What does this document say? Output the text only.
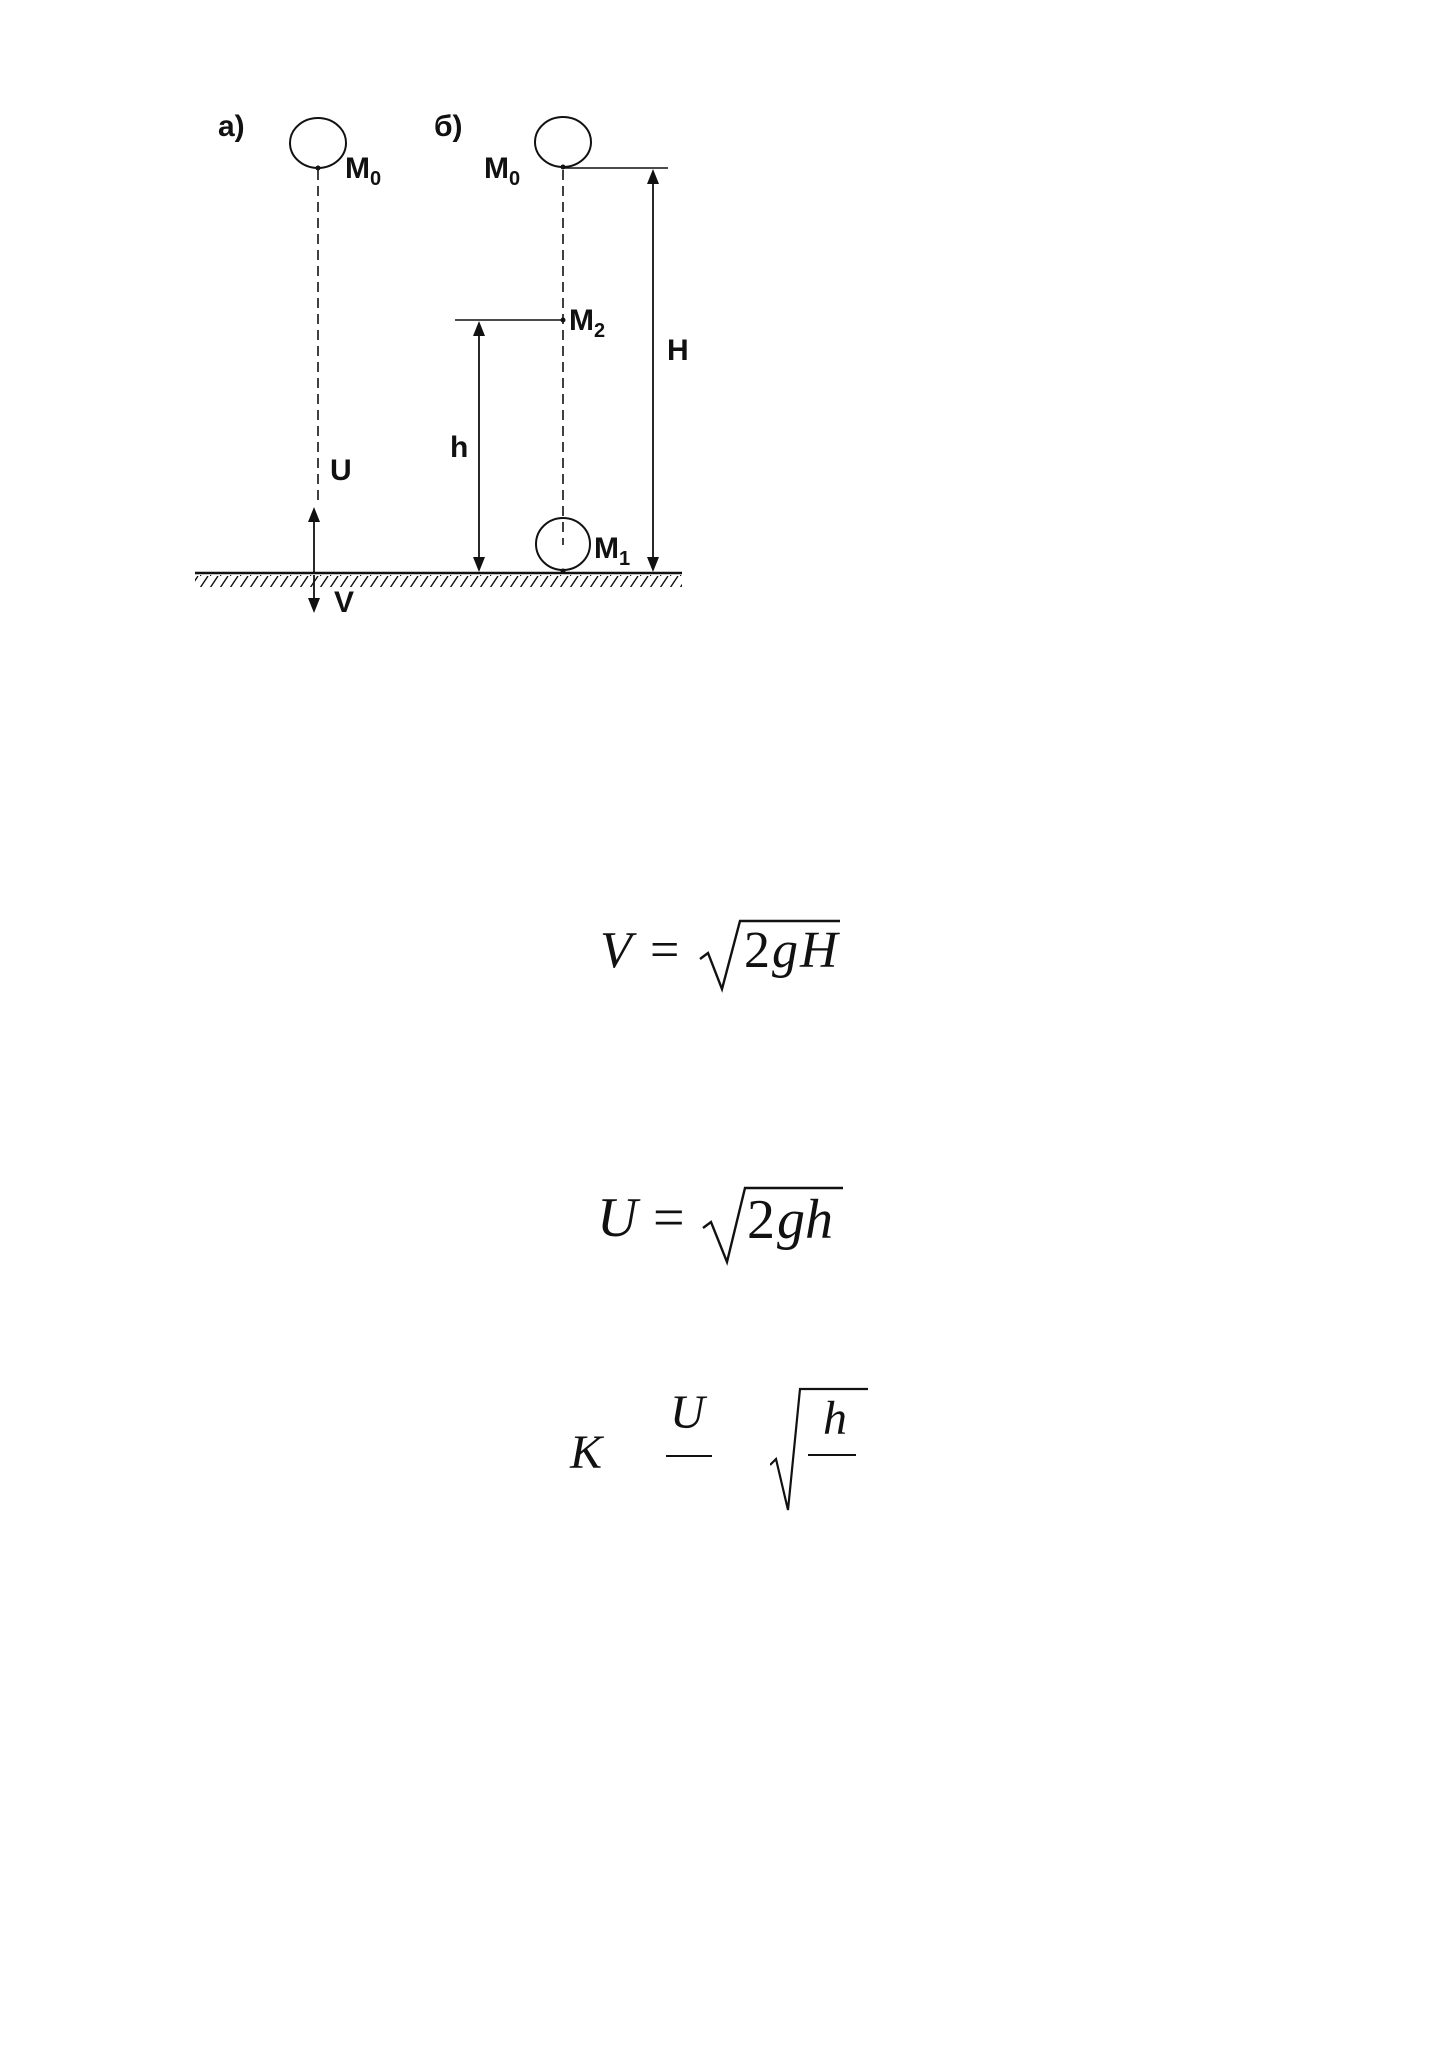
а)
$M_0$
U
V
б)
$M_0$
$M_2$
h
H
$M_1$
V = 2 g H
U = 2 g h
K
U h
